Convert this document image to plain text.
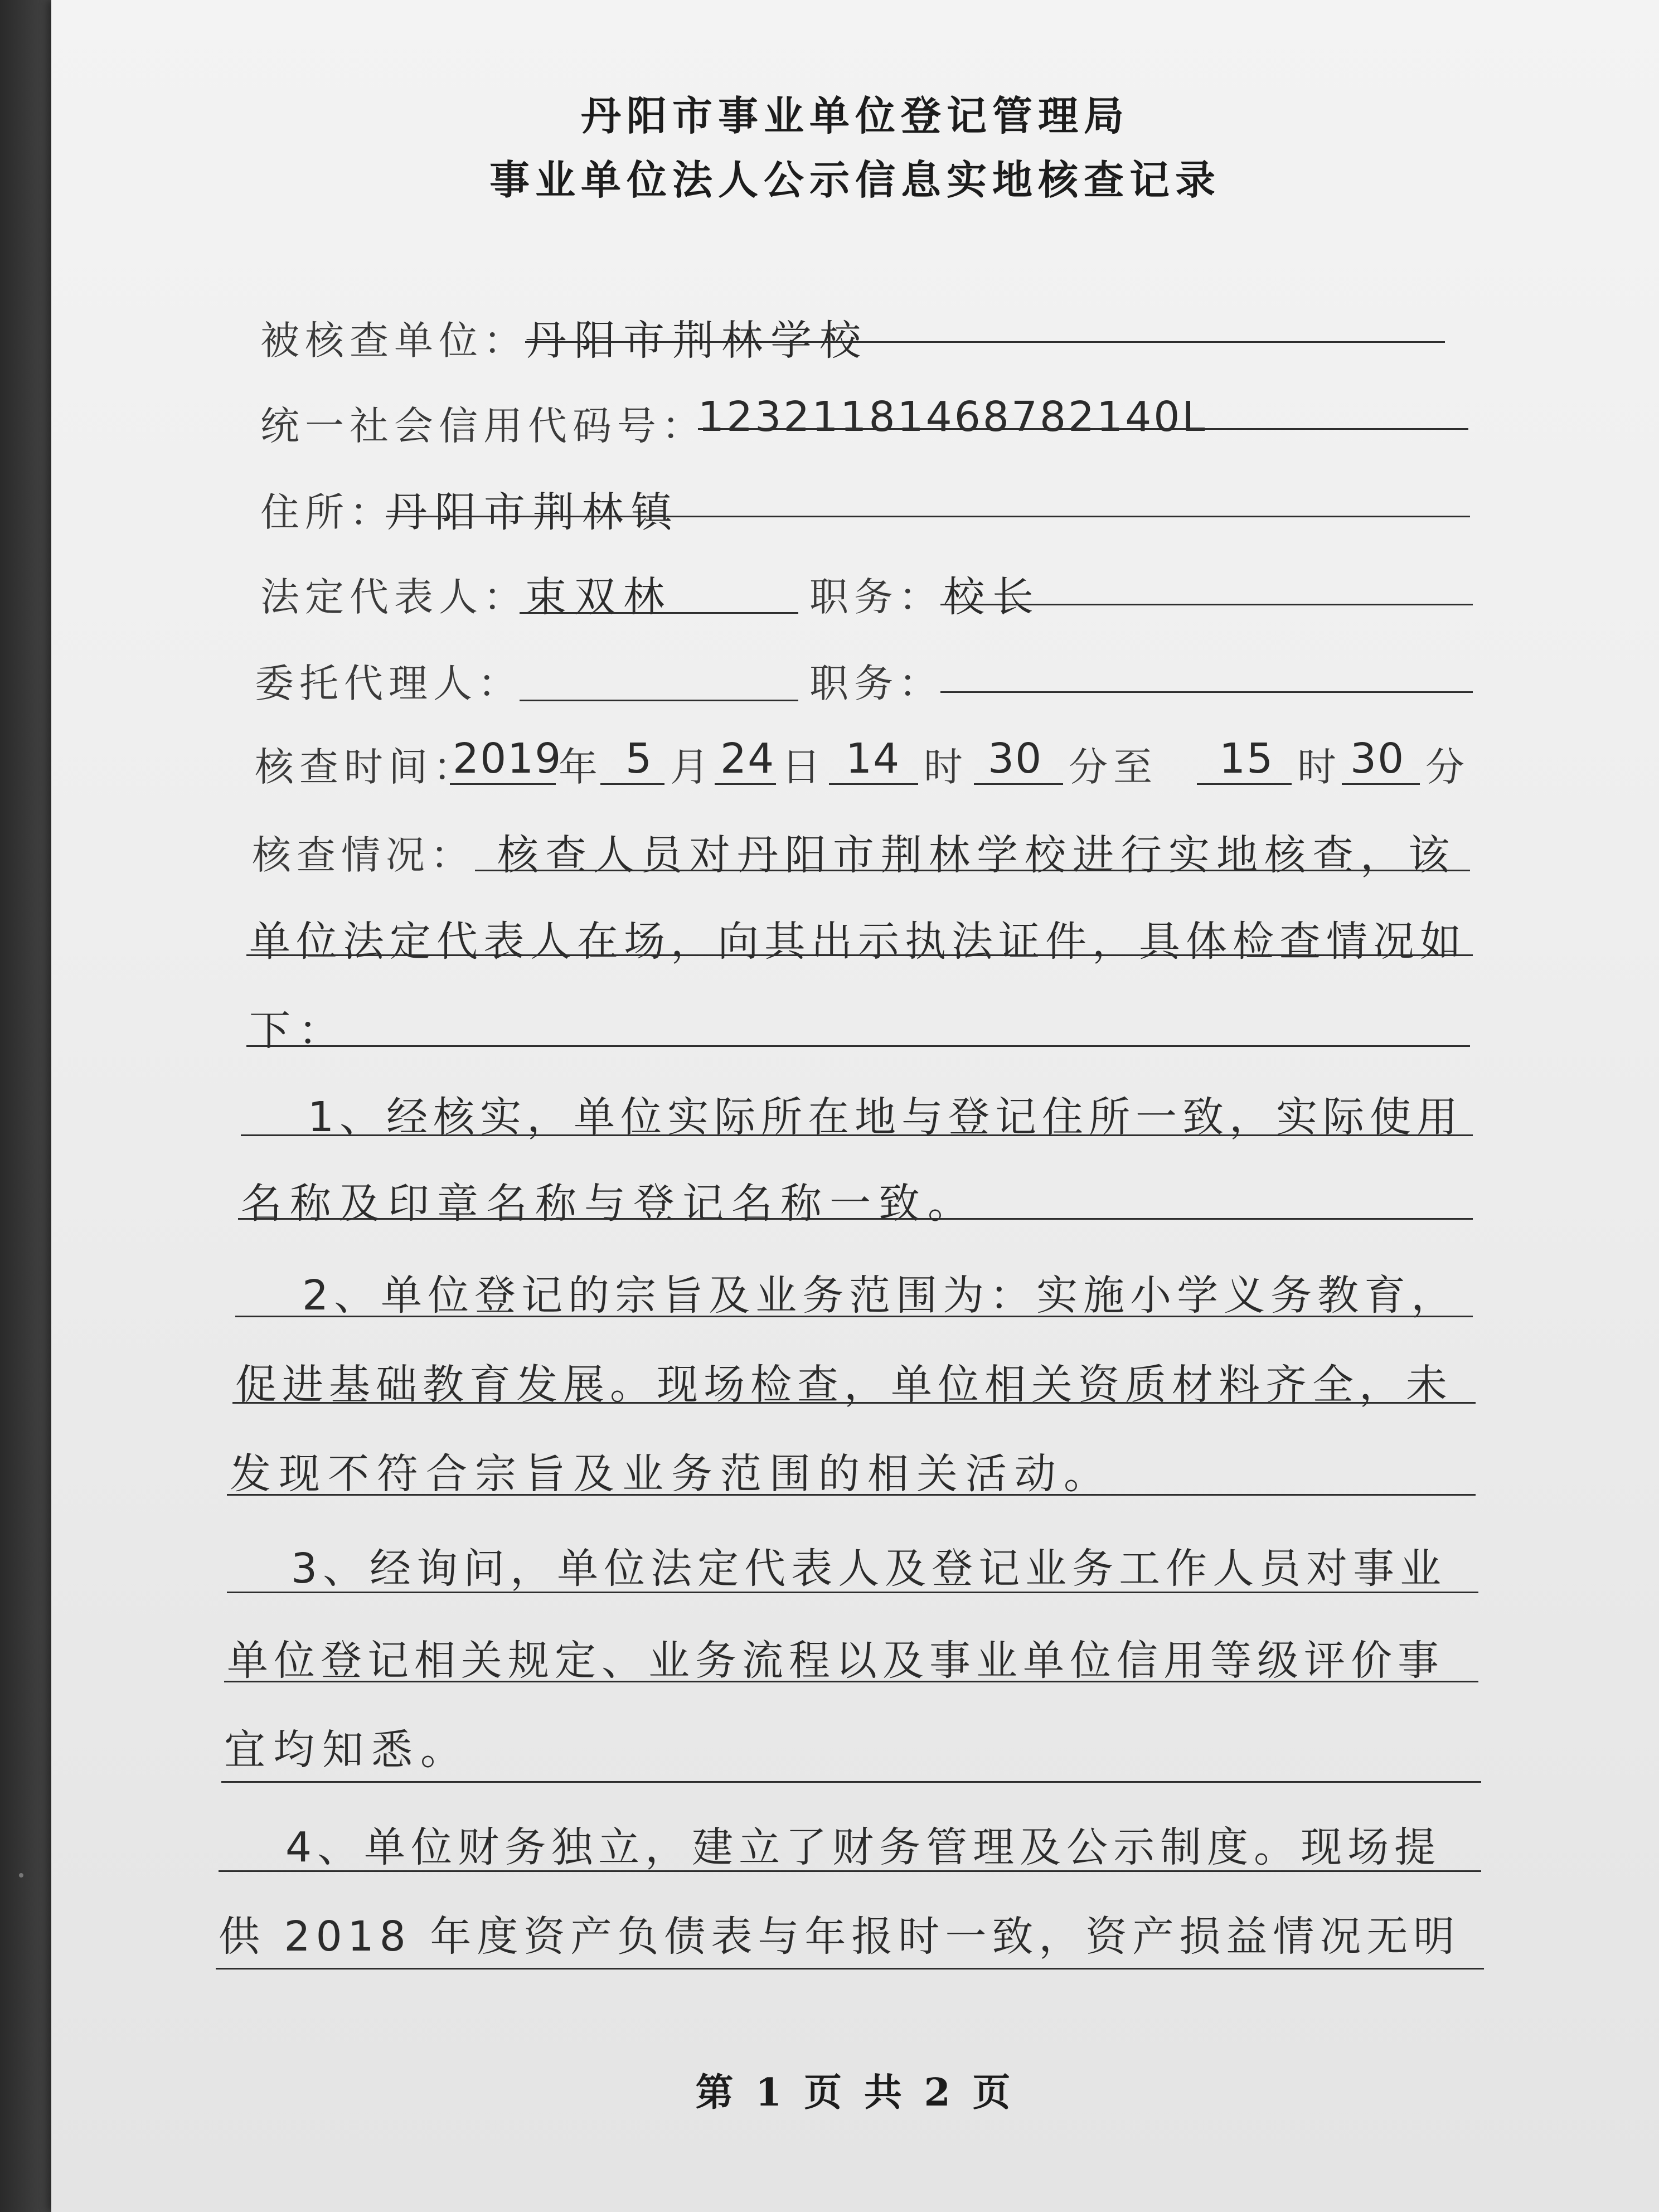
丹阳市事业单位登记管理局
事业单位法人公示信息实地核查记录
被核查单位：
丹阳市荆林学校
统一社会信用代码号：
12321181468782140L
住所：
丹阳市荆林镇
法定代表人：
束双林	职务： 校长
委托代理人：	职务：
核查时间：
2019
年 5 月 24 日 14 时 30 分至 15 时 30 分
核查情况： 核查人员对丹阳市荆林学校进行实地核查，该
单位法定代表人在场，向其出示执法证件，具体检查情况如
下：
1、经核实，单位实际所在地与登记住所一致，实际使用
名称及印章名称与登记名称一致。
2、单位登记的宗旨及业务范围为：实施小学义务教育，
促进基础教育发展。现场检查，单位相关资质材料齐全，未
发现不符合宗旨及业务范围的相关活动。
3、经询问，单位法定代表人及登记业务工作人员对事业
单位登记相关规定、业务流程以及事业单位信用等级评价事
宜均知悉。
4、单位财务独立，建立了财务管理及公示制度。现场提
供 2018 年度资产负债表与年报时一致，资产损益情况无明
第 1 页 共 2 页
